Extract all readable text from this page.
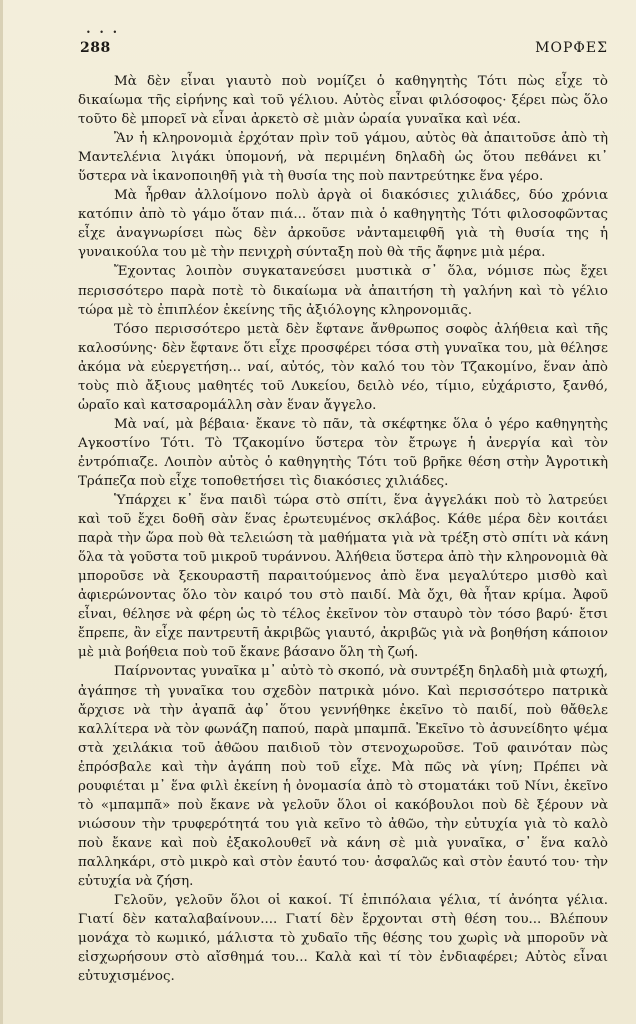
• • •
288	ΜΟΡΦΕΣ

Μὰ δὲν εἶναι γιαυτὸ ποὺ νομίζει ὁ καθηγητὴς Τότι πὼς εἶχε τὸ δικαίωμα τῆς εἰρήνης καὶ τοῦ γέλιου. Αὐτὸς εἶναι φιλόσοφος· ξέρει πὼς ὅλο τοῦτο δὲ μπορεῖ νὰ εἶναι ἀρκετὸ σὲ μιὰν ὡραία γυναῖκα καὶ νέα.

Ἂν ἡ κληρονομιὰ ἐρχόταν πρὶν τοῦ γάμου, αὐτὸς θὰ ἀπαιτοῦσε ἀπὸ τὴ Μαντελένια λιγάκι ὑπομονή, νὰ περιμένη δηλαδὴ ὡς ὅτου πεθάνει κι᾿ ὕστερα νὰ ἱκανοποιηθῆ γιὰ τὴ θυσία της ποὺ παντρεύτηκε ἕνα γέρο.

Μὰ ἦρθαν ἀλλοίμονο πολὺ ἀργὰ οἱ διακόσιες χιλιάδες, δύο χρόνια κατόπιν ἀπὸ τὸ γάμο ὅταν πιά... ὅταν πιὰ ὁ καθηγητὴς Τότι φιλοσοφῶντας εἶχε ἀναγνωρίσει πὼς δὲν ἀρκοῦσε νἀνταμειφθῆ γιὰ τὴ θυσία της ἡ γυναικούλα του μὲ τὴν πενιχρὴ σύνταξη ποὺ θὰ τῆς ἄφηνε μιὰ μέρα.

Ἔχοντας λοιπὸν συγκατανεύσει μυστικὰ σ᾿ ὅλα, νόμισε πὼς ἔχει περισσότερο παρὰ ποτὲ τὸ δικαίωμα νὰ ἀπαιτήση τὴ γαλήνη καὶ τὸ γέλιο τώρα μὲ τὸ ἐπιπλέον ἐκείνης τῆς ἀξιόλογης κληρονομιᾶς.

Τόσο περισσότερο μετὰ δὲν ἔφτανε ἄνθρωπος σοφὸς ἀλήθεια καὶ τῆς καλοσύνης· δὲν ἔφτανε ὅτι εἶχε προσφέρει τόσα στὴ γυναῖκα του, μὰ θέλησε ἀκόμα νὰ εὐεργετήση... ναί, αὐτός, τὸν καλό του τὸν Τζακομίνο, ἕναν ἀπὸ τοὺς πιὸ ἄξιους μαθητές τοῦ Λυκείου, δειλὸ νέο, τίμιο, εὐχάριστο, ξανθό, ὡραῖο καὶ κατσαρομάλλη σὰν ἕναν ἄγγελο.

Μὰ ναί, μὰ βέβαια· ἔκανε τὸ πᾶν, τὰ σκέφτηκε ὅλα ὁ γέρο καθηγητὴς Αγκοστίνο Τότι. Τὸ Τζακομίνο ὕστερα τὸν ἔτρωγε ἡ ἀνεργία καὶ τὸν ἐντρόπιαζε. Λοιπὸν αὐτὸς ὁ καθηγητὴς Τότι τοῦ βρῆκε θέση στὴν Ἀγροτικὴ Τράπεζα ποὺ εἶχε τοποθετήσει τὶς διακόσιες χιλιάδες.

Ὑπάρχει κ᾿ ἕνα παιδὶ τώρα στὸ σπίτι, ἕνα ἀγγελάκι ποὺ τὸ λατρεύει καὶ τοῦ ἔχει δοθῆ σὰν ἕνας ἐρωτευμένος σκλάβος. Κάθε μέρα δὲν κοιτάει παρὰ τὴν ὥρα ποὺ θὰ τελειώση τὰ μαθήματα γιὰ νὰ τρέξη στὸ σπίτι νὰ κάνη ὅλα τὰ γοῦστα τοῦ μικροῦ τυράννου. Ἀλήθεια ὕστερα ἀπὸ τὴν κληρονομιὰ θὰ μποροῦσε νὰ ξεκουραστῆ παραιτούμενος ἀπὸ ἕνα μεγαλύτερο μισθὸ καὶ ἀφιερώνοντας ὅλο τὸν καιρό του στὸ παιδί. Μὰ ὄχι, θὰ ἦταν κρίμα. Ἀφοῦ εἶναι, θέλησε νὰ φέρη ὡς τὸ τέλος ἐκεῖνον τὸν σταυρὸ τὸν τόσο βαρύ· ἔτσι ἔπρεπε, ἂν εἶχε παντρευτῆ ἀκριβῶς γιαυτό, ἀκριβῶς γιὰ νὰ βοηθήση κάποιον μὲ μιὰ βοήθεια ποὺ τοῦ ἔκανε βάσανο ὅλη τὴ ζωή.

Παίρνοντας γυναῖκα μ᾿ αὐτὸ τὸ σκοπό, νὰ συντρέξη δηλαδὴ μιὰ φτωχή, ἀγάπησε τὴ γυναῖκα του σχεδὸν πατρικὰ μόνο. Καὶ περισσότερο πατρικὰ ἄρχισε νὰ τὴν ἀγαπᾶ ἀφ᾿ ὅτου γεννήθηκε ἐκεῖνο τὸ παιδί, ποὺ θἄθελε καλλίτερα νὰ τὸν φωνάζη παπού, παρὰ μπαμπᾶ. Ἐκεῖνο τὸ ἀσυνείδητο ψέμα στὰ χειλάκια τοῦ ἀθῶου παιδιοῦ τὸν στενοχωροῦσε. Τοῦ φαινόταν πὼς ἐπρόσβαλε καὶ τὴν ἀγάπη ποὺ τοῦ εἶχε. Μὰ πῶς νὰ γίνη; Πρέπει νὰ ρουφιέται μ᾿ ἕνα φιλὶ ἐκείνη ἡ ὀνομασία ἀπὸ τὸ στοματάκι τοῦ Νίνι, ἐκεῖνο τὸ «μπαμπᾶ» ποὺ ἔκανε νὰ γελοῦν ὅλοι οἱ κακόβουλοι ποὺ δὲ ξέρουν νὰ νιώσουν τὴν τρυφερότητά του γιὰ κεῖνο τὸ ἀθῶο, τὴν εὐτυχία γιὰ τὸ καλὸ ποὺ ἔκανε καὶ ποὺ ἐξακολουθεῖ νὰ κάνη σὲ μιὰ γυναῖκα, σ᾿ ἕνα καλὸ παλληκάρι, στὸ μικρὸ καὶ στὸν ἑαυτό του· ἀσφαλῶς καὶ στὸν ἑαυτό του· τὴν εὐτυχία νὰ ζήση.

Γελοῦν, γελοῦν ὅλοι οἱ κακοί. Τί ἐπιπόλαια γέλια, τί ἀνόητα γέλια. Γιατί δὲν καταλαβαίνουν.... Γιατί δὲν ἔρχονται στὴ θέση του... Βλέπουν μονάχα τὸ κωμικό, μάλιστα τὸ χυδαῖο τῆς θέσης του χωρὶς νὰ μποροῦν νὰ εἰσχωρήσουν στὸ αἴσθημά του... Καλὰ καὶ τί τὸν ἐνδιαφέρει; Αὐτὸς εἶναι εὐτυχισμένος.
